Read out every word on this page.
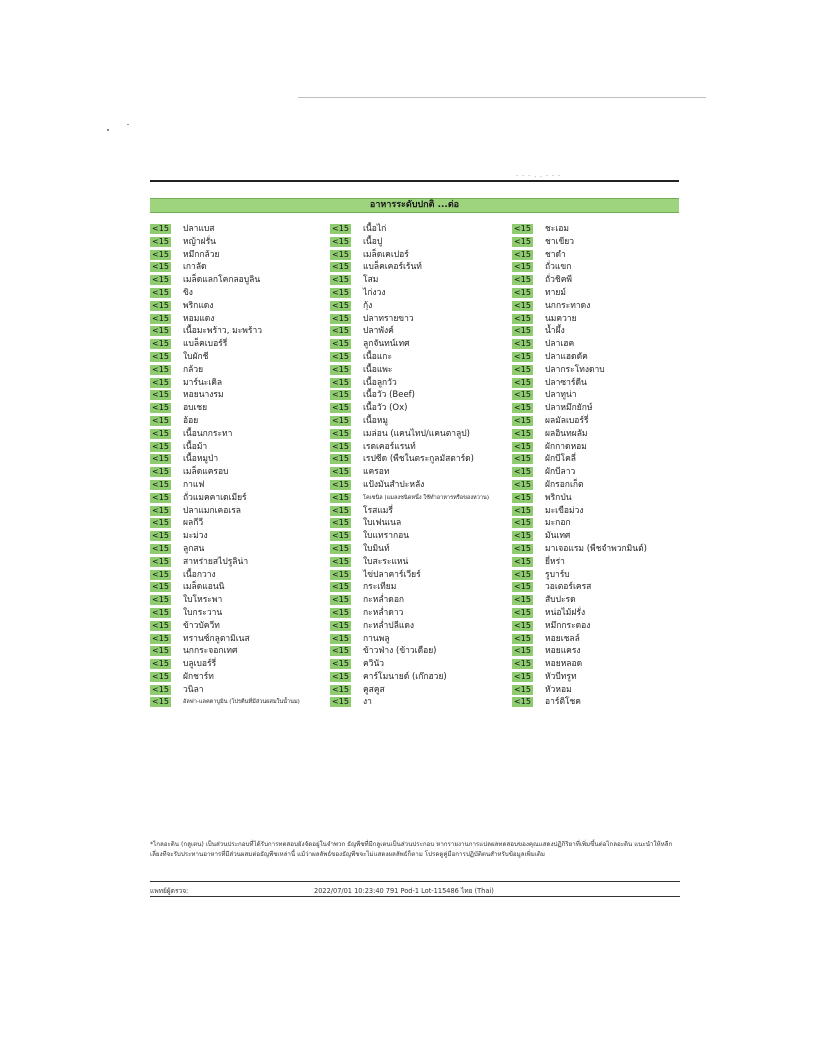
- - - , , - - -
อาหารระดับปกติ ...ต่อ
<15 ปลาแบส
<15 หญ้าฝรั่น
<15 หมึกกล้วย
<15 เกาลัด
<15 เมล็ดแลกโคกลอบูลิน
<15 ขิง
<15 พริกแดง
<15 หอมแดง
<15 เนื้อมะพร้าว, มะพร้าว
<15 แบล็คเบอร์รี่
<15 ใบผักชี
<15 กล้วย
<15 มาร์นะเคิล
<15 หอยนางรม
<15 อบเชย
<15 อ้อย
<15 เนื้อนกกระทา
<15 เนื้อม้า
<15 เนื้อหมูป่า
<15 เมล็ดแครอบ
<15 กาแฟ
<15 ถั่วแมคคาเดเมียร์
<15 ปลาแมกเคอเรล
<15 ผลกีวี
<15 มะม่วง
<15 ลูกสน
<15 สาหร่ายสไปรูลิน่า
<15 เนื้อกวาง
<15 เมล็ดแอนนิ
<15 ใบโหระพา
<15 ใบกระวาน
<15 ข้าวบัควีท
<15 ทรานซ์กลูตามิเนส
<15 นกกระจอกเทศ
<15 บลูเบอร์รี่
<15 ผักชาร์ท
<15 วนิลา
<15	อัลฟา-แลคตาบูมิน (โปรตีนที่มีส่วนผสมในน้ำนม)
<15 เนื้อไก่
<15 เนื้อปู
<15 เมล็ดเคเปอร์
<15 แบล็คเคอร์เร้นท์
<15 โสม
<15 ไก่งวง
<15 กุ้ง
<15 ปลาทรายขาว
<15 ปลาพังค์
<15 ลูกจันทน์เทศ
<15 เนื้อแกะ
<15 เนื้อแพะ
<15 เนื้อลูกวัว
<15 เนื้อวัว (Beef)
<15 เนื้อวัว (Ox)
<15 เนื้อหมู
<15 เมล่อน (แคนไทป/แคนตาลูป)
<15 เรดเคอร์แรนท์
<15 เรปซีด (พืชในตระกูลมัสตาร์ด)
<15 แครอท
<15 แป้งมันสำปะหลัง
<15	โคเชนิล (แมลงชนิดหนึ่ง ใช้ทำอาหารหรือของหวาน)
<15 โรสแมรี่
<15 ใบเฟนเนล
<15 ใบแทรากอน
<15 ใบมินท์
<15 ใบสะระแหน่
<15 ไข่ปลาคาร์เวียร์
<15 กระเทียม
<15 กะหล่ำดอก
<15 กะหล่ำดาว
<15 กะหล่ำปลีแดง
<15 กานพลู
<15 ข้าวฟ่าง (ข้าวเดือย)
<15 ควินัว
<15 คาร์โมนายด์ (เก๊กฮวย)
<15 คูสคูส
<15 งา
<15 ชะเอม
<15 ชาเขียว
<15 ชาดำ
<15 ถั่วแขก
<15 ถั่วชิคพี
<15 ทายม์
<15 นกกระทาดง
<15 นมควาย
<15 น้ำผึ้ง
<15 ปลาเฮค
<15 ปลาแฮดดัค
<15 ปลากระโทงดาบ
<15 ปลาซาร์ดีน
<15 ปลาทูน่า
<15 ปลาหมึกยักษ์
<15 ผลมัลเบอร์รี่
<15 ผลอินทผลัม
<15 ผักกาดหอม
<15 ผักบีโคลี่
<15 ผักบีลาว
<15 ผักรอกเก็ต
<15 พริกป่น
<15 มะเขือม่วง
<15 มะกอก
<15 มันเทศ
<15 มาเจอแรม (พืชจำพวกมินต์)
<15 ยี่หร่า
<15 รูบาร์บ
<15 วอเตอร์เครส
<15 สับปะรด
<15 หน่อไม้ฝรั่ง
<15 หมึกกระดอง
<15 หอยเชลล์
<15 หอยแครง
<15 หอยหลอด
<15 หัวบีทรูท
<15 หัวหอม
<15 อาร์ติโชค
*ไกลอะดิน (กลูเตน) เป็นส่วนประกอบที่ได้รับการทดสอบยังจัดอยู่ในจำพวก ธัญพืชที่มีกลูเตนเป็นส่วนประกอบ หากรายงานการแปลผลทดสอบของคุณแสดงปฏิกิริยาที่เพิ่มขึ้นต่อไกลอะดิน แนะนำให้หลีกเลี่ยงทีจะรับประทานอาหารที่มีส่วนผสมต่อธัญพืชเหล่านี้ แม้ว่าผลลัพธ์ของธัญพืชจะไม่แสดงผลลัพธ์ก็ตาม โปรดดูคู่มือการปฏิบัติตนสำหรับข้อมูลเพิ่มเติม
แพทย์ผู้ตรวจ:	2022/07/01 10:23:40 791 Pod-1 Lot-115486 ไทย (Thai)
